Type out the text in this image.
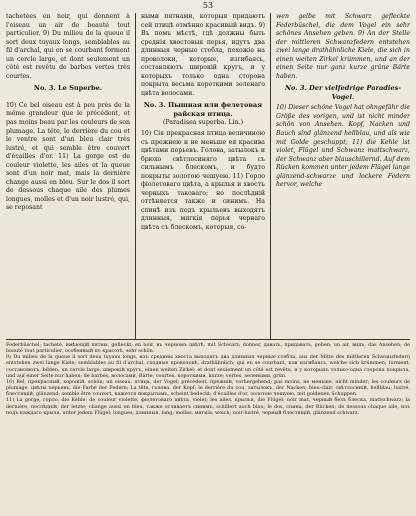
53

tachetées en noir, qui donnent à l'oiseau un air de beauté tout particulier. 9) Du milieu de la queue il sort deux tuyaux longs, semblables au fil d'archal, qui en se courbant forment un cercle large, et dont seulement un côté est revêtu de barbes vertes très courtes.

No. 3. Le Superbe.

10) Ce bel oiseau est à peu près de la même grandeur que le précédent, et pas moins beau par les couleurs de son plumage. La tête, le derrière du cou et le ventre sont d'un bleu clair très lustré, et qui semble être couvert d'écailles d'or. 11) La gorge est de couleur violette, les ailes et la queue sont d'un noir mat, mais la dernière change aussi en bleu. Sur le dos il sort de dessous chaque aile des plumes longues, molles et d'un noir lustré, qui, se reposant

ными пятнами, которыя придаютъ сей птицѣ отмѣнно красивый видъ. 9) Въ помъ мѣстѣ, гдѣ должны быть среднія хвостовыя перья, идутъ два длинныя черные стебла, похожіе на проволоки, которые, изгибаясь, составляютъ широкій кругъ, и у которыхъ только одна сторона покрыта весьма короткими зеленаго цвѣта волосами.

No. 3. Пышная или фелетовая райская птица.
(Paradisea superba. Lin.)

10) Сія прекрасная птица величиною съ прежнею и не меньше ея красива цвѣтами перьевъ. Голова, затылокъ и брюхо свѣтлосиняго цвѣта съ сильнымъ блескомъ, и будто покрыты золотою чешуею. 11) Горло фіолетоваго цвѣта, а крылья и хвостъ черныхъ таковаго; но послѣдній оттѣняется также и синимъ. На спинѣ изъ подъ крыльевъ выходятъ длинныя, мягкія перья чернаго цвѣта съ блескомъ, которыя, со-

wen gelbe mit Schwarz gefleckte Federbüschel, die dem Vogel ein sehr schönes Ansehen geben. 9) An der Stelle der mittleren Schwanzfedern entstehen zwei lange drathähnliche Kiele, die sich in einen weiten Zirkel krümmen, und an der einen Seite nur ganz kurze grüne Bärte haben.

No. 3. Der vielfedrige Paradies-Vogel.

10) Dieser schöne Vogel hat ohngefähr die Größe des vorigen, und ist nicht minder schön von Ansehen. Kopf, Nacken und Bauch sind glänzend hellblau, und als wie mit Golde geschuppt; 11) die Kehle ist violet, Flügel und Schwanz mattschwarz, der Schwanz aber blauschillernd. Auf dem Rücken kommen unter jedem Flügel lange glänzend-schwarze und lockere Federn hervor, welche

Federbüschel; tacheté, имѣющій пятны, gefleckt; en noir, въ черномъ цвѣтѣ, mit Schwarz; donner, давать, придавать, geben; un air, видъ, das Ansehen; de beauté tout particulier, особенный по красотѣ, sehr schön.

9) Du milieu de la queue il sort deux tuyaux longs, изъ средины хвоста выходятъ два длинныя черные стебла, aus der Mitte des mittleren Schwanzfedern entstehen zwei lange Kiele; semblables au fil d'archal, сходные проволокѣ, drathähnlich; qui en se courbant, кои изгибаясь, welche sich krümmen; forment, составляютъ, bilden; un cercle large, широкій кругъ, einen weiten Zirkel; et dont seulement un côté est revêtu, и у которыхъ только одна сторона покрыта, und auf einer Seite nur haben; de barbes, волосами, Bärte; courtes, короткими, kurze; vertes, зелеными, grün.

10) Bel, прекрасный, хорошій, schön; un oiseau, птица, der Vogel; précédent, прежній, vorhergehend; pas moins, не меньше, nicht minder; les couleurs de plumage, цвѣты перьевъ, die Farbe der Federn; La tête, голова, der Kopf; le derrière du cou, затылокъ, der Nacken; bleu-clair, свѣтлосиній, hellblau; lustré, блестящій, glänzend; semble être couvert, кажется покрытымъ, scheint bedeckt; d'écailles d'or, золотою чешуею, mit goldenen Schuppen.

11) La gorge, горло, die Kehle; de couleur violette, фіолетоваго цвѣта, violet; les ailes, крылья, die Flügel; noir mat, черный безъ блеска, mattschwarz; la dernière, послѣдній, der letzte; change aussi en bleu, также отливаетъ синимъ, schillert auch blau; le dos, спина, der Rücken; de dessous chaque aile, изъ подъ каждаго крыла, unter jedem Flügel; longues, длинныя, lang; molles, мягкія, weich; noir-lustré, черный блестящій, glänzend schwarz.
